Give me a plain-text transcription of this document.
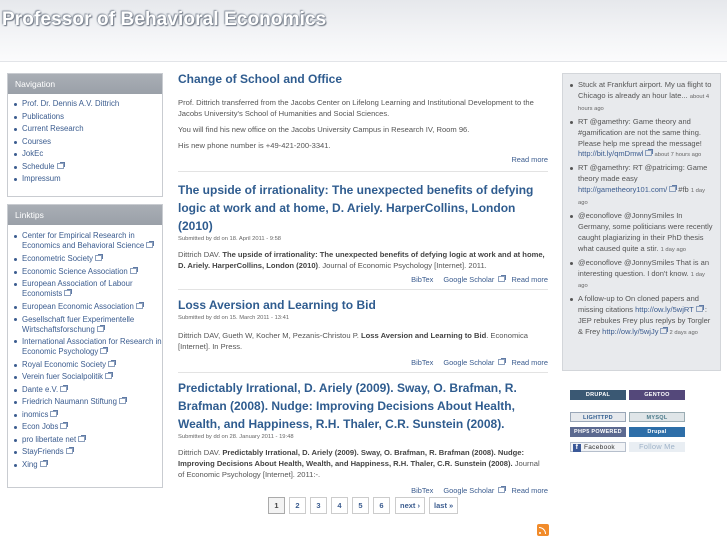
Professor of Behavioral Economics
Navigation
Prof. Dr. Dennis A.V. Dittrich
Publications
Current Research
Courses
JokEc
Schedule
Impressum
Linktips
Center for Empirical Research in Economics and Behavioral Science
Econometric Society
Economic Science Association
European Association of Labour Economists
European Economic Association
Gesellschaft fuer Experimentelle Wirtschaftsforschung
International Association for Research in Economic Psychology
Royal Economic Society
Verein fuer Socialpolitik
Dante e.V.
Friedrich Naumann Stiftung
inomics
Econ Jobs
pro libertate net
StayFriends
Xing
Change of School and Office

Prof. Dittrich transferred from the Jacobs Center on Lifelong Learning and Institutional Development to the Jacobs University's School of Humanities and Social Sciences.

You will find his new office on the Jacobs University Campus in Research IV, Room 96.

His new phone number is +49-421-200-3341.

Read more
The upside of irrationality: The unexpected benefits of defying logic at work and at home, D. Ariely. HarperCollins, London (2010)
Submitted by dd on 18. April 2011 - 9:58

Dittrich DAV. The upside of irrationality: The unexpected benefits of defying logic at work and at home, D. Ariely. HarperCollins, London (2010). Journal of Economic Psychology [Internet]. 2011.

BibTex Google Scholar Read more
Loss Aversion and Learning to Bid
Submitted by dd on 15. March 2011 - 13:41

Dittrich DAV, Gueth W, Kocher M, Pezanis-Christou P. Loss Aversion and Learning to Bid. Economica [Internet]. In Press.

BibTex Google Scholar Read more
Predictably Irrational, D. Ariely (2009). Sway, O. Brafman, R. Brafman (2008). Nudge: Improving Decisions About Health, Wealth, and Happiness, R.H. Thaler, C.R. Sunstein (2008).
Submitted by dd on 28. January 2011 - 19:48

Dittrich DAV. Predictably Irrational, D. Ariely (2009). Sway, O. Brafman, R. Brafman (2008). Nudge: Improving Decisions About Health, Wealth, and Happiness, R.H. Thaler, C.R. Sunstein (2008). Journal of Economic Psychology [Internet]. 2011:-.

BibTex Google Scholar Read more
1	2	3	4	5	6	next ›	last »
Stuck at Frankfurt airport. My ua flight to Chicago is already an hour late... about 4 hours ago
RT @gamethry: Game theory and #gamification are not the same thing. Please help me spread the message! http://bit.ly/qmDmwl about 7 hours ago
RT @gamethry: RT @patricimg: Game theory made easy http://gametheory101.com/ #fb 1 day ago
@econoflove @JonnySmiles In Germany, some politicians were recently caught plagiarizing in their PhD thesis what caused quite a stir. 1 day ago
@econoflove @JonnySmiles That is an interesting question. I don't know. 1 day ago
A follow-up to On cloned papers and missing citations http://ow.ly/5wjRT : JEP rebukes Frey plus replys by Torgler & Frey http://ow.ly/5wjJy 2 days ago
DRUPAL	GENTOO
LIGHTTPD	MYSQL
PHP5 POWERED	Drupal
f Facebook	Follow Me
